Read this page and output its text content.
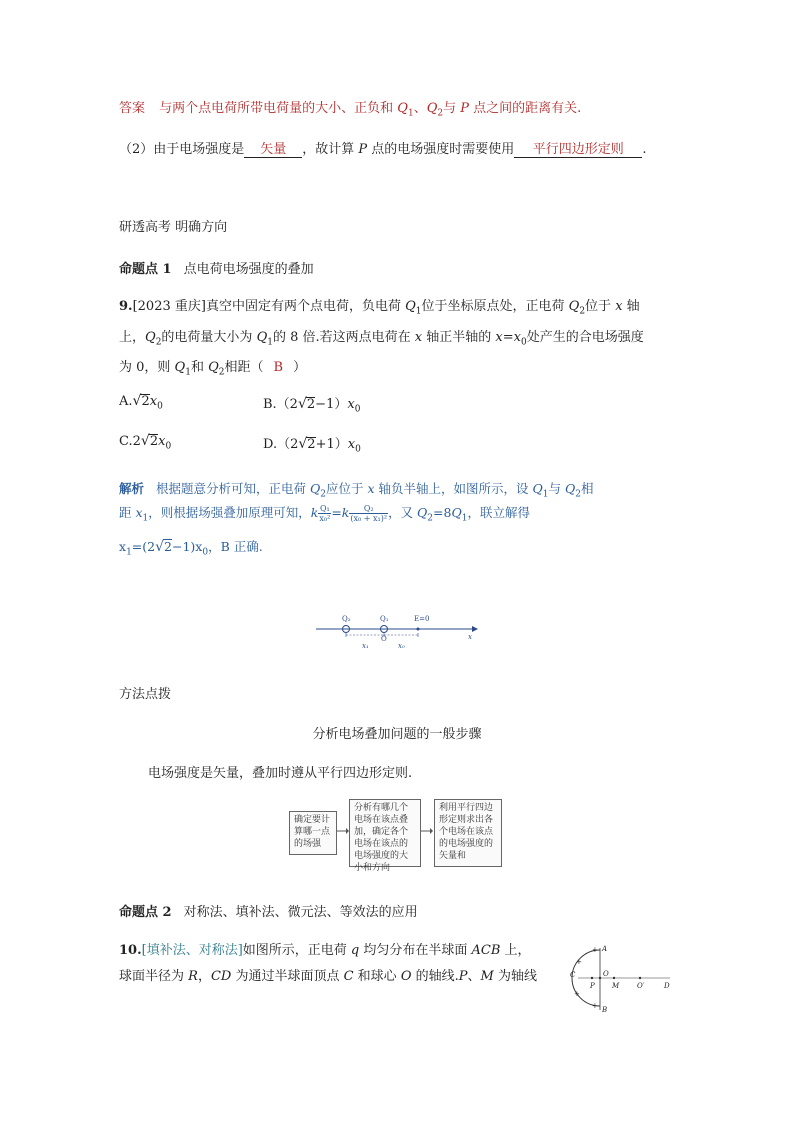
答案 与两个点电荷所带电荷量的大小、正负和 $Q_1$、$Q_2$与 P 点之间的距离有关.
（2）由于电场强度是 矢量 ，故计算 P 点的电场强度时需要使用 平行四边形定则 .
研透高考 明确方向
命题点 1 点电荷电场强度的叠加
9.[2023 重庆]真空中固定有两个点电荷，负电荷 $Q_1$位于坐标原点处，正电荷 $Q_2$位于 x 轴
上，$Q_2$的电荷量大小为 $Q_1$的 8 倍.若这两点电荷在 x 轴正半轴的 $x=x_0$处产生的合电场强度
为 0，则 $Q_1$和 $Q_2$相距（ B ）
$A.√2x_0$	$B.(2√2-1)x_0$
$C.2√2x_0$	$D.(2√2+1)x_0$
解析 根据题意分析可知，正电荷 $Q_2$应位于 x 轴负半轴上，如图所示，设 $Q_1$与 $Q_2$相
距 $x_1$，则根据场强叠加原理可知，k $\frac{\text{Q₁}}{\text{x₀²}} =k \frac{\text{Q₂}}{\text{(x₀ + x₁)²}}$ ，又 $Q_2=8Q_1$，联立解得
$x_1=(2√2-1)x_0$，B 正确.
Q₂	Q₁	E=0
O	x
x₁	x₀
方法点拨
分析电场叠加问题的一般步骤
电场强度是矢量，叠加时遵从平行四边形定则.
确定要计算哪一点的场强
分析有哪几个电场在该点叠加，确定各个电场在该点的电场强度的大小和方向
利用平行四边形定则求出各个电场在该点的电场强度的矢量和
命题点 2 对称法、填补法、微元法、等效法的应用
10.[填补法、对称法]如图所示，正电荷 q 均匀分布在半球面 ACB 上，
球面半径为 R，CD 为通过半球面顶点 C 和球心 O 的轴线.P、M 为轴线
A
B
C
D
O
O′
P M
+
+
+
+
